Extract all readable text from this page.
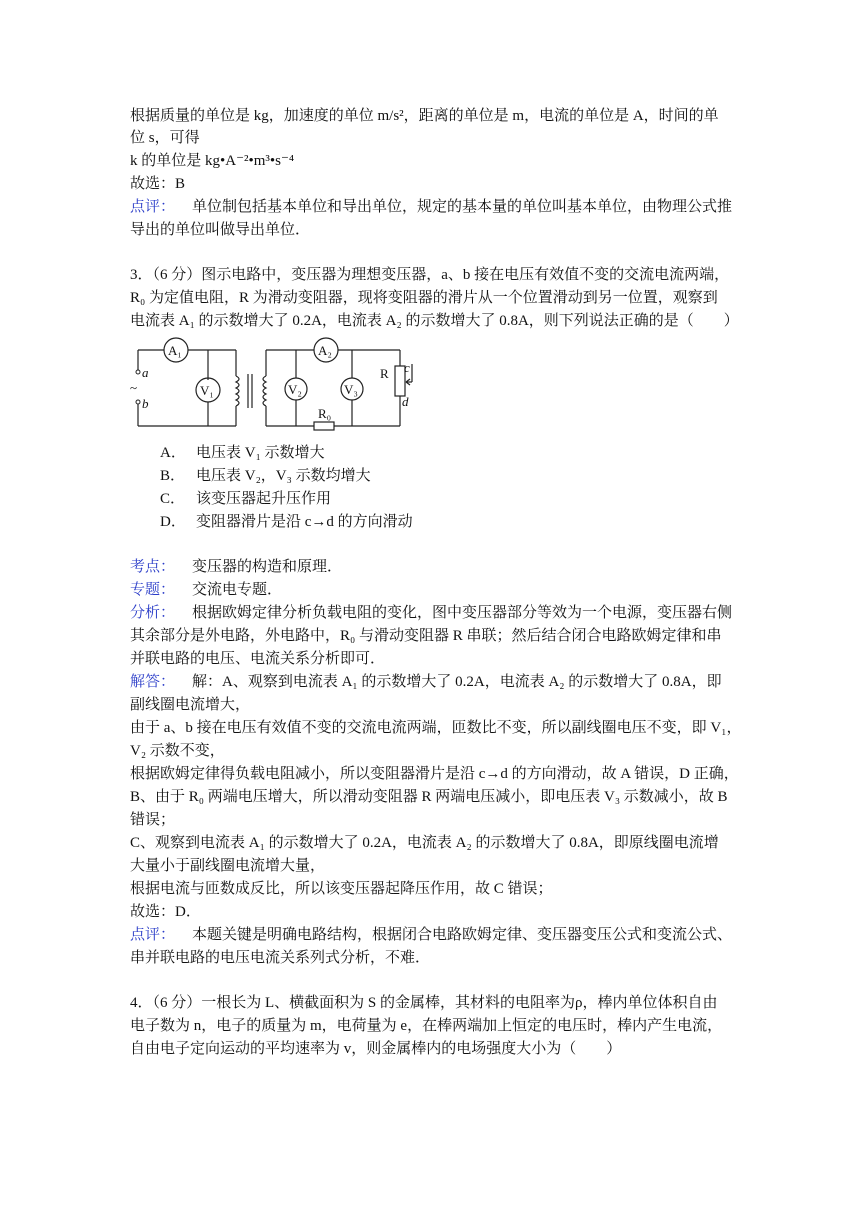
根据质量的单位是 kg，加速度的单位 m/s²，距离的单位是 m，电流的单位是 A，时间的单
位 s，可得
k 的单位是 kg•A⁻²•m³•s⁻⁴
故选：B
点评： 单位制包括基本单位和导出单位，规定的基本量的单位叫基本单位，由物理公式推
导出的单位叫做导出单位．
3．（6 分）图示电路中，变压器为理想变压器，a、b 接在电压有效值不变的交流电流两端，
R₀ 为定值电阻，R 为滑动变阻器，现将变阻器的滑片从一个位置滑动到另一位置，观察到
电流表 A₁ 的示数增大了 0.2A，电流表 A₂ 的示数增大了 0.8A，则下列说法正确的是（　　）
A₁
V₁
A₂
V₂	V₃
R
R₀
a
b
~
c
d
A． 电压表 V₁ 示数增大
B． 电压表 V₂，V₃ 示数均增大
C． 该变压器起升压作用
D． 变阻器滑片是沿 c→d 的方向滑动
考点： 变压器的构造和原理．
专题： 交流电专题．
分析： 根据欧姆定律分析负载电阻的变化，图中变压器部分等效为一个电源，变压器右侧
其余部分是外电路，外电路中，R₀ 与滑动变阻器 R 串联；然后结合闭合电路欧姆定律和串
并联电路的电压、电流关系分析即可．
解答： 解：A、观察到电流表 A₁ 的示数增大了 0.2A，电流表 A₂ 的示数增大了 0.8A，即
副线圈电流增大，
由于 a、b 接在电压有效值不变的交流电流两端，匝数比不变，所以副线圈电压不变，即 V₁，
V₂ 示数不变，
根据欧姆定律得负载电阻减小，所以变阻器滑片是沿 c→d 的方向滑动，故 A 错误，D 正确，
B、由于 R₀ 两端电压增大，所以滑动变阻器 R 两端电压减小，即电压表 V₃ 示数减小，故 B
错误；
C、观察到电流表 A₁ 的示数增大了 0.2A，电流表 A₂ 的示数增大了 0.8A，即原线圈电流增
大量小于副线圈电流增大量，
根据电流与匝数成反比，所以该变压器起降压作用，故 C 错误；
故选：D．
点评： 本题关键是明确电路结构，根据闭合电路欧姆定律、变压器变压公式和变流公式、
串并联电路的电压电流关系列式分析，不难．
4．（6 分）一根长为 L、横截面积为 S 的金属棒，其材料的电阻率为ρ，棒内单位体积自由
电子数为 n，电子的质量为 m，电荷量为 e，在棒两端加上恒定的电压时，棒内产生电流，
自由电子定向运动的平均速率为 v，则金属棒内的电场强度大小为（　　）
